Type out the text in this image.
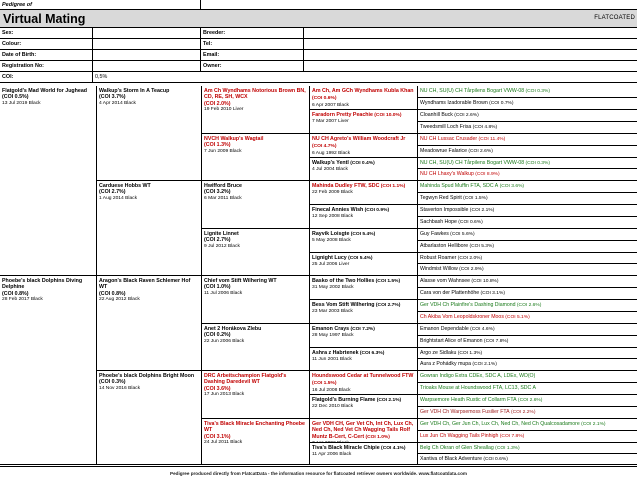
Pedigree of
Virtual Mating	FLATCOATED
Sex:
Colour:
Date of Birth:
Registration No:
Breeder:
Tel:
Email:
Owner:
COI:	0,5%
Flatgold's Mad World for Jughead
(COI 0.5%)
13 Jul 2019 Black
Phoebe's black Dolphins Diving Delphine
(COI 0.8%)
28 Feb 2017 Black
Walkup's Storm In A Teacup
(COI 3.7%)
4 Apr 2014 Black
Carduese Hobbs WT
(COI 2.7%)
1 Aug 2014 Black
Aragon's Black Raven Schlemer Hof WT
(COI 0.8%)
22 Aug 2012 Black
Phoebe's black Dolphins Bright Moon
(COI 0.3%)
14 Nov 2016 Black
Am Ch Wyndhams Notorious Brown BN, CD, RE, SH, WCX
(COI 2.0%)
19 Feb 2010 Liver
NVCH Walkup's Wagtail
(COI 1.3%)
7 Jun 2009 Black
Hwifford Bruce
(COI 3.2%)
6 Mar 2011 Black
Lignite Linnet
(COI 2.7%)
9 Jul 2012 Black
Chief vom Stift Wilhering WT
(COI 1.0%)
11 Jul 2006 Black
Anet 2 Horákova Zlebu
(COI 0.2%)
22 Jun 2006 Black
DRC Arbeitschampion Flatgold's Dashing Daredevil WT
(COI 3.6%)
17 Jun 2013 Black
Tiva's Black Miracle Enchanting Phoebe WT
(COI 3.1%)
24 Jul 2011 Black
Am Ch, Am GCh Wyndhams Kubla Khan (COI 0.6%)
6 Apr 2007 Black
Faradorn Pretty Peachie (COI 10.0%)
7 Mar 2007 Liver
NU CH Agreto's William Woodcraft Jr (COI 4.7%)
6 Aug 1992 Black
Walkup's Yentl (COI 0.4%)
4 Jul 2004 Black
Mahinda Dudley FTW, SDC (COI 1.1%)
22 Feb 2009 Black
Finecal Annies Wish (COI 0.9%)
12 Sep 2008 Black
Rayvik Loisgte (COI 5.4%)
5 May 2008 Black
Lignight Lucy (COI 5.4%)
25 Jul 2006 Liver
Basko of the Two Hollies (COI 1.5%)
31 May 2002 Black
Bess Vom Stift Wilhering (COI 2.7%)
23 Mar 2003 Black
Emanon Crays (COI 7.2%)
28 May 1997 Black
Ashra z Habrtenek (COI 6.3%)
11 Jun 2001 Black
Houndswood Cedar at Tunnelwood FTW (COI 1.5%)
16 Jul 2008 Black
Flatgold's Burning Flame (COI 2.1%)
22 Dec 2010 Black
Ger VDH CH, Ger Vet Ch, Int Ch, Lux Ch, Ned Ch, Ned Vet Ch Wagging Tails Rolf Muntz B-Cert, C-Cert (COI 1.0%)
Tiva's Black Miracle Chipie (COI 4.1%)
11 Apr 2006 Black
NU CH, SU(U) CH Tårpilens Bogart VWW-08 (COI 0.3%)
Wyndhams Izadorable Brown (COI 0.7%)
Cloanhill Buck (COI 2.6%)
Tweedsmill Loch Frisa (COI 4.8%)
NU CH Lussac Crusader (COI 11.4%)
Meadowrue Falarice (COI 2.6%)
NU CH, SU(U) CH Tårpilens Bogart VWW-08 (COI 0.3%)
NU CH Lhaxy's Walkup (COI 8.9%)
Mahinda Spud Muffin FTA, SDC A (COI 3.6%)
Tegwyn Red Spirit (COI 1.5%)
Staverton Impossible (COI 2.1%)
Sachbash Hope (COI 0.6%)
Guy Fawkes (COI 5.6%)
Atbarlaston Hellibore (COI 5.3%)
Robust Roamer (COI 2.0%)
Windmist Willow (COI 2.9%)
Alasse vom Wahnsee (COI 10.8%)
Cara von der Plattenhöhe (COI 3.1%)
Ger VDH Ch Plainfire's Dashing Diamond (COI 2.6%)
Ch Akiba Vom Leopoldskroner Moos (COI 5.1%)
Emanon Dependable (COI 4.6%)
Brightstart Alice of Emanon (COI 7.8%)
Argo ze Sidlaku (COI 1.3%)
Aura z Pohádky mupa (COI 2.1%)
Gowran Indigo Extra CDEx, SDC A, LDEx, WD(O)
Trioaks Mouse at Houndswood FTA, LC13, SDC A
Warpsemore Heath Rustic of Collarm FTA (COI 2.6%)
Ger VDH Ch Warpsemoss Fusilier FTA (COI 2.2%)
Ger VDH Ch, Ger Jun Ch, Lux Ch, Ned Ch, Ned Ch Qualcosadamore (COI 2.1%)
Lux Jun Ch Wagging Tails Pinhigh (COI 7.8%)
Belg Ch Okran of Glen Sheallag (COI 1.3%)
Xantiva of Black Adventure (COI 0.6%)
Pedigree produced directly from FlatcatData - the information resource for flatcoated retriever owners worldwide. www.flatcoatdata.com
